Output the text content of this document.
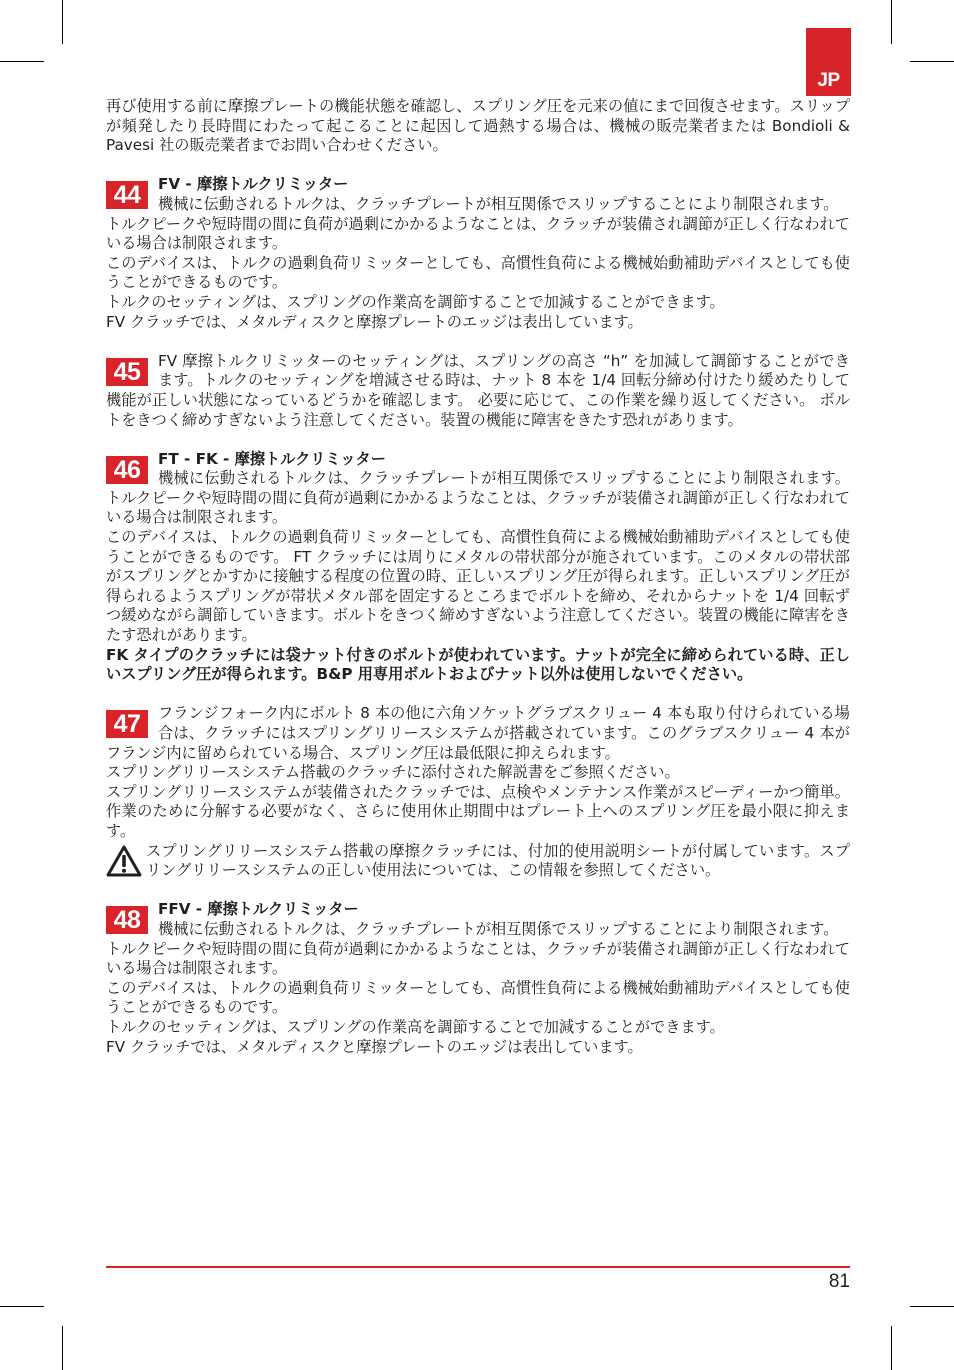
JP

再び使用する前に摩擦プレートの機能状態を確認し、スプリング圧を元来の値にまで回復させます。スリップが頻発したり長時間にわたって起こることに起因して過熱する場合は、機械の販売業者または Bondioli & Pavesi 社の販売業者までお問い合わせください。

44	FV - 摩擦トルクリミッター

機械に伝動されるトルクは、クラッチプレートが相互関係でスリップすることにより制限されます。

トルクピークや短時間の間に負荷が過剰にかかるようなことは、クラッチが装備され調節が正しく行なわれている場合は制限されます。

このデバイスは、トルクの過剰負荷リミッターとしても、高慣性負荷による機械始動補助デバイスとしても使うことができるものです。

トルクのセッティングは、スプリングの作業高を調節することで加減することができます。

FV クラッチでは、メタルディスクと摩擦プレートのエッジは表出しています。

45	FV 摩擦トルクリミッターのセッティングは、スプリングの高さ “h” を加減して調節することができます。トルクのセッティングを増減させる時は、ナット 8 本を 1/4 回転分締め付けたり緩めたりして機能が正しい状態になっているどうかを確認します。 必要に応じて、この作業を繰り返してください。 ボルトをきつく締めすぎないよう注意してください。装置の機能に障害をきたす恐れがあります。

46	FT - FK - 摩擦トルクリミッター

機械に伝動されるトルクは、クラッチプレートが相互関係でスリップすることにより制限されます。 トルクピークや短時間の間に負荷が過剰にかかるようなことは、クラッチが装備され調節が正しく行なわれている場合は制限されます。

このデバイスは、トルクの過剰負荷リミッターとしても、高慣性負荷による機械始動補助デバイスとしても使うことができるものです。 FT クラッチには周りにメタルの帯状部分が施されています。このメタルの帯状部がスプリングとかすかに接触する程度の位置の時、正しいスプリング圧が得られます。正しいスプリング圧が得られるようスプリングが帯状メタル部を固定するところまでボルトを締め、それからナットを 1/4 回転ずつ緩めながら調節していきます。ボルトをきつく締めすぎないよう注意してください。装置の機能に障害をきたす恐れがあります。

FK タイプのクラッチには袋ナット付きのボルトが使われています。ナットが完全に締められている時、正しいスプリング圧が得られます。B&P 用専用ボルトおよびナット以外は使用しないでください。

47	フランジフォーク内にボルト 8 本の他に六角ソケットグラブスクリュー 4 本も取り付けられている場合は、クラッチにはスプリングリリースシステムが搭載されています。このグラブスクリュー 4 本がフランジ内に留められている場合、スプリング圧は最低限に抑えられます。

スプリングリリースシステム搭載のクラッチに添付された解説書をご参照ください。

スプリングリリースシステムが装備されたクラッチでは、点検やメンテナンス作業がスピーディーかつ簡単。作業のために分解する必要がなく、さらに使用休止期間中はプレート上へのスプリング圧を最小限に抑えます。

スプリングリリースシステム搭載の摩擦クラッチには、付加的使用説明シートが付属しています。スプリングリリースシステムの正しい使用法については、この情報を参照してください。

48	FFV - 摩擦トルクリミッター

機械に伝動されるトルクは、クラッチプレートが相互関係でスリップすることにより制限されます。

トルクピークや短時間の間に負荷が過剰にかかるようなことは、クラッチが装備され調節が正しく行なわれている場合は制限されます。

このデバイスは、トルクの過剰負荷リミッターとしても、高慣性負荷による機械始動補助デバイスとしても使うことができるものです。

トルクのセッティングは、スプリングの作業高を調節することで加減することができます。

FV クラッチでは、メタルディスクと摩擦プレートのエッジは表出しています。

81
